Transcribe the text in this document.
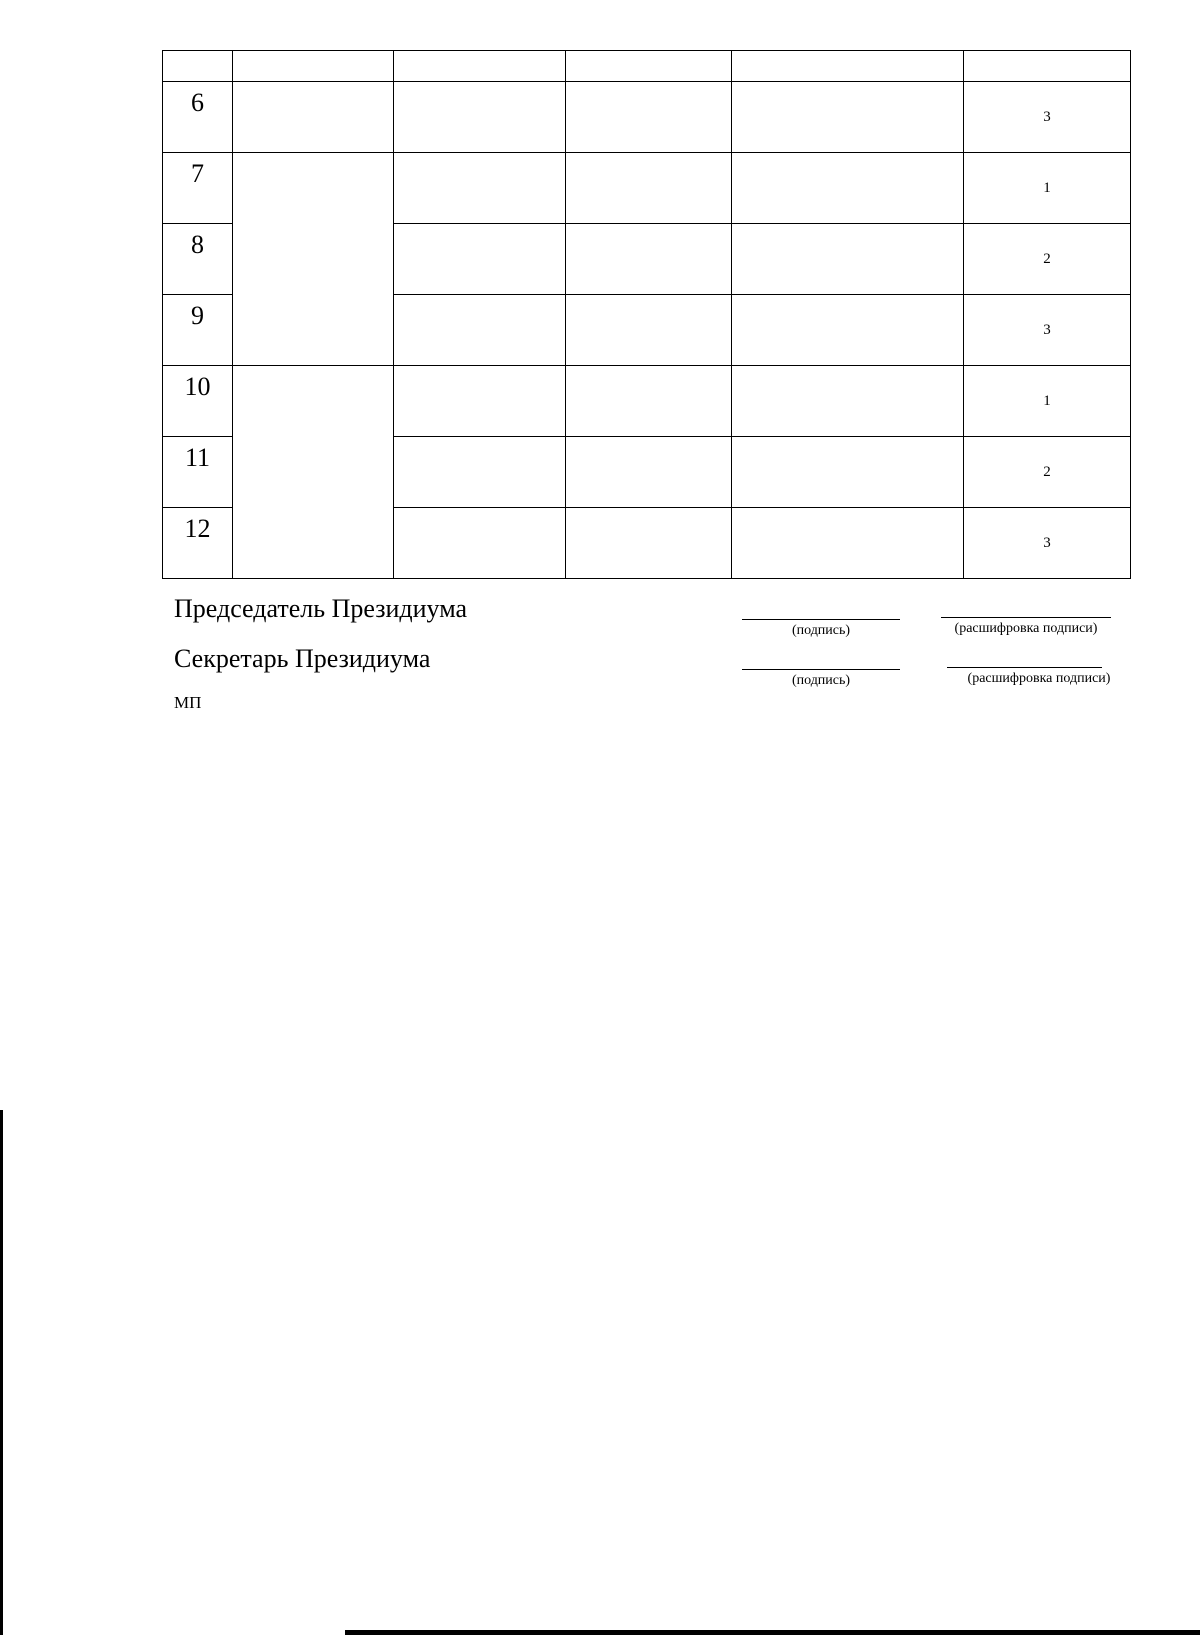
6					3
7					1
8					2
9					3
10					1
11					2
12					3
Председатель Президиума
(подпись)	(расшифровка подписи)
Секретарь Президиума
(подпись)	(расшифровка подписи)
МП
